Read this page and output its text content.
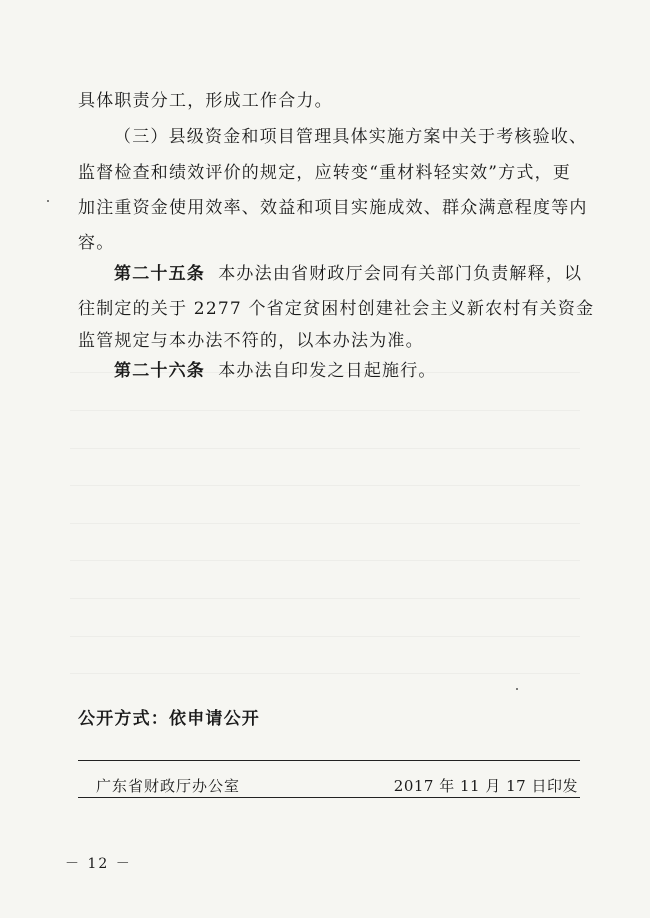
具体职责分工，形成工作合力。
（三）县级资金和项目管理具体实施方案中关于考核验收、
监督检查和绩效评价的规定，应转变“重材料轻实效”方式，更
加注重资金使用效率、效益和项目实施成效、群众满意程度等内
容。
第二十五条 本办法由省财政厅会同有关部门负责解释，以
往制定的关于 2277 个省定贫困村创建社会主义新农村有关资金
监管规定与本办法不符的，以本办法为准。
第二十六条 本办法自印发之日起施行。
公开方式：依申请公开
广东省财政厅办公室	2017 年 11 月 17 日印发
－ 12 －
